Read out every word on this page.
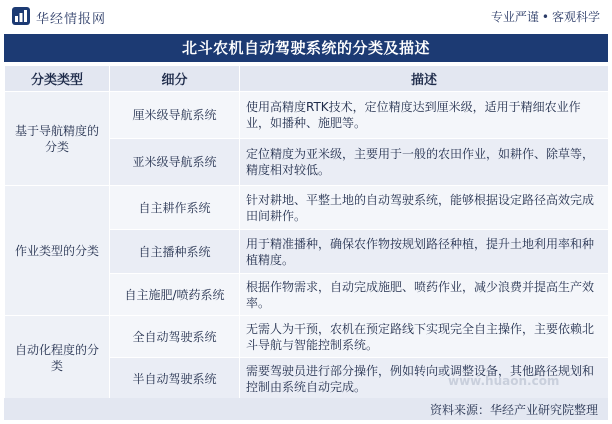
华经情报网	专业严谨 • 客观科学
北斗农机自动驾驶系统的分类及描述
分类类型	细分	描述
基于导航精度的分类	厘米级导航系统	使用高精度RTK技术，定位精度达到厘米级，适用于精细农业作业，如播种、施肥等。
	亚米级导航系统	定位精度为亚米级，主要用于一般的农田作业，如耕作、除草等，精度相对较低。
作业类型的分类	自主耕作系统	针对耕地、平整土地的自动驾驶系统，能够根据设定路径高效完成田间耕作。
	自主播种系统	用于精准播种，确保农作物按规划路径种植，提升土地利用率和种植精度。
	自主施肥/喷药系统	根据作物需求，自动完成施肥、喷药作业，减少浪费并提高生产效率。
自动化程度的分类	全自动驾驶系统	无需人为干预，农机在预定路线下实现完全自主操作，主要依赖北斗导航与智能控制系统。
	半自动驾驶系统	需要驾驶员进行部分操作，例如转向或调整设备，其他路径规划和控制由系统自动完成。	www.huaon.com
资料来源：华经产业研究院整理
